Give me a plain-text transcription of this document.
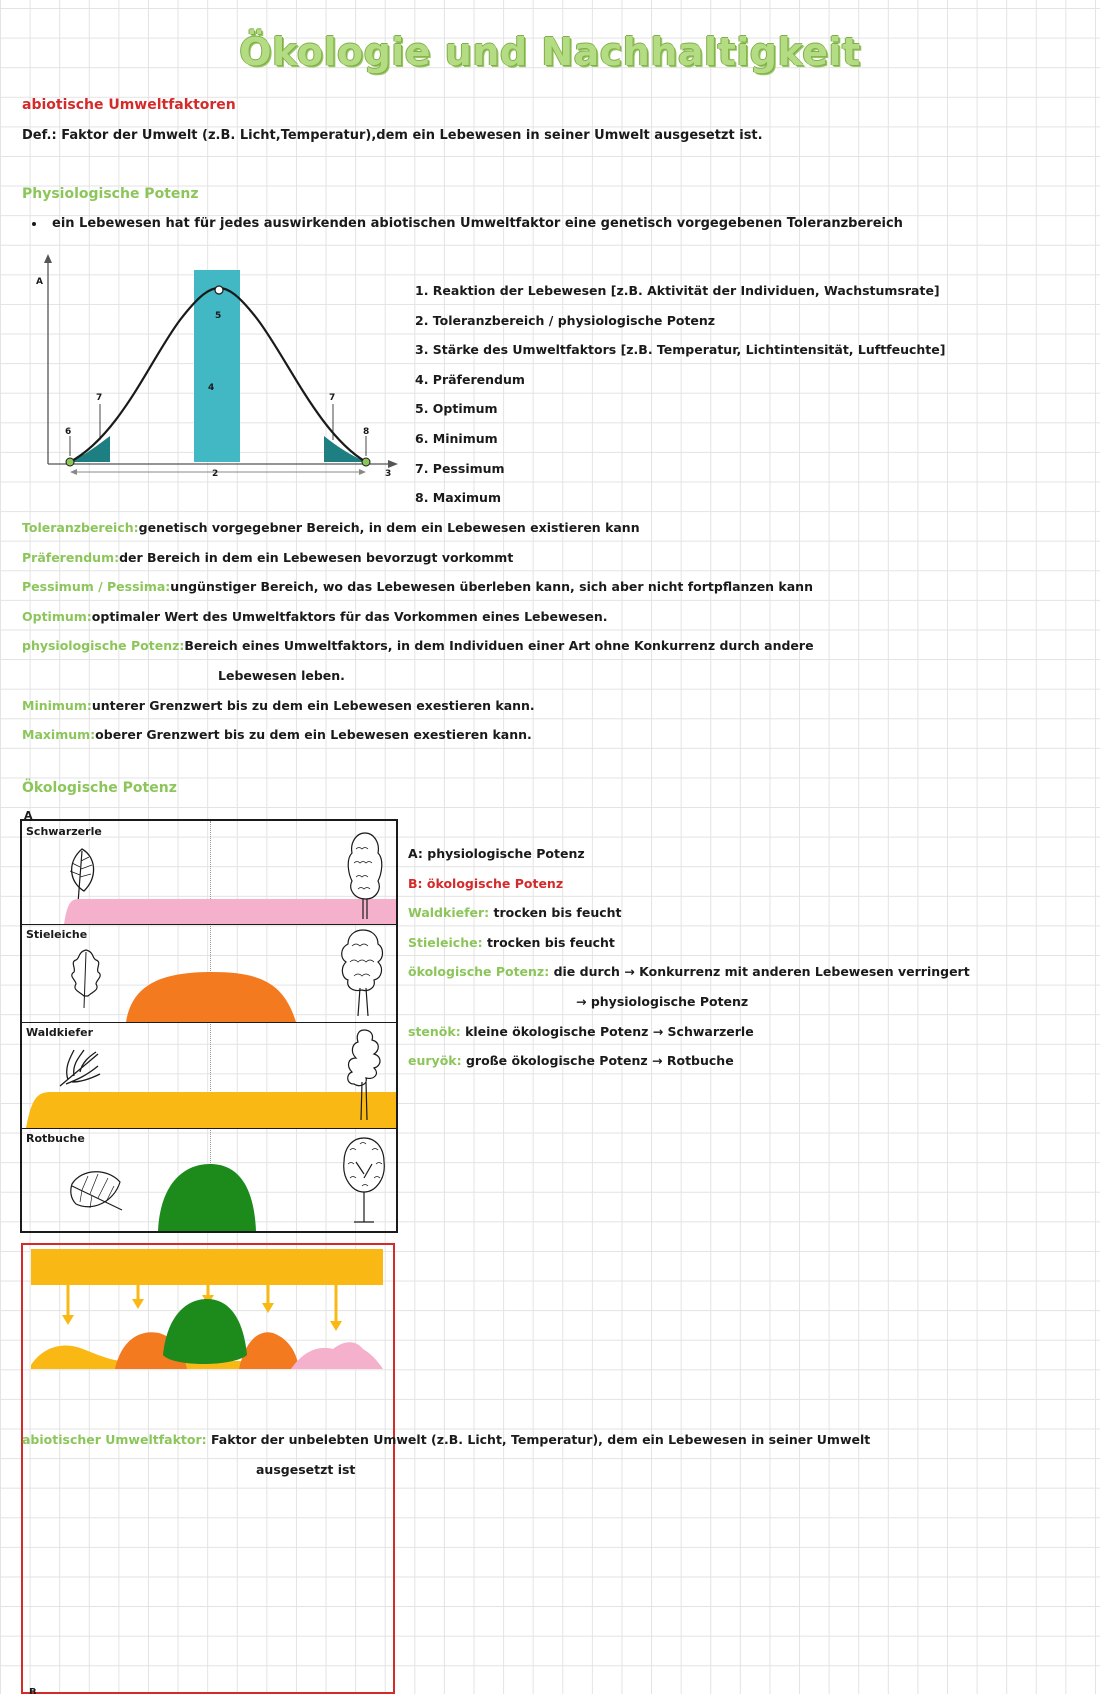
Ökologie und Nachhaltigkeit
abiotische Umweltfaktoren
Def.: Faktor der Umwelt (z.B. Licht,Temperatur),dem ein Lebewesen in seiner Umwelt ausgesetzt ist.
Physiologische Potenz
ein Lebewesen hat für jedes auswirkenden abiotischen Umweltfaktor eine genetisch vorgegebenen Toleranzbereich
A
5
4
2
7	7
6	8
3
1. Reaktion der Lebewesen [z.B. Aktivität der Individuen, Wachstumsrate]
2. Toleranzbereich / physiologische Potenz
3. Stärke des Umweltfaktors [z.B. Temperatur, Lichtintensität, Luftfeuchte]
4. Präferendum
5. Optimum
6. Minimum
7. Pessimum
8. Maximum
Toleranzbereich:genetisch vorgegebner Bereich, in dem ein Lebewesen existieren kann
Präferendum:der Bereich in dem ein Lebewesen bevorzugt vorkommt
Pessimum / Pessima:ungünstiger Bereich, wo das Lebewesen überleben kann, sich aber nicht fortpflanzen kann
Optimum:optimaler Wert des Umweltfaktors für das Vorkommen eines Lebewesen.
physiologische Potenz:Bereich eines Umweltfaktors, in dem Individuen einer Art ohne Konkurrenz durch andere
Lebewesen leben.
Minimum:unterer Grenzwert bis zu dem ein Lebewesen exestieren kann.
Maximum:oberer Grenzwert bis zu dem ein Lebewesen exestieren kann.
Ökologische Potenz
A
Schwarzerle
Stieleiche
Waldkiefer
Rotbuche
B
A: physiologische Potenz
B: ökologische Potenz
Waldkiefer: trocken bis feucht
Stieleiche: trocken bis feucht
ökologische Potenz: die durch → Konkurrenz mit anderen Lebewesen verringert
→ physiologische Potenz
stenök: kleine ökologische Potenz → Schwarzerle
euryök: große ökologische Potenz → Rotbuche
abiotischer Umweltfaktor: Faktor der unbelebten Umwelt (z.B. Licht, Temperatur), dem ein Lebewesen in seiner Umwelt
ausgesetzt ist
